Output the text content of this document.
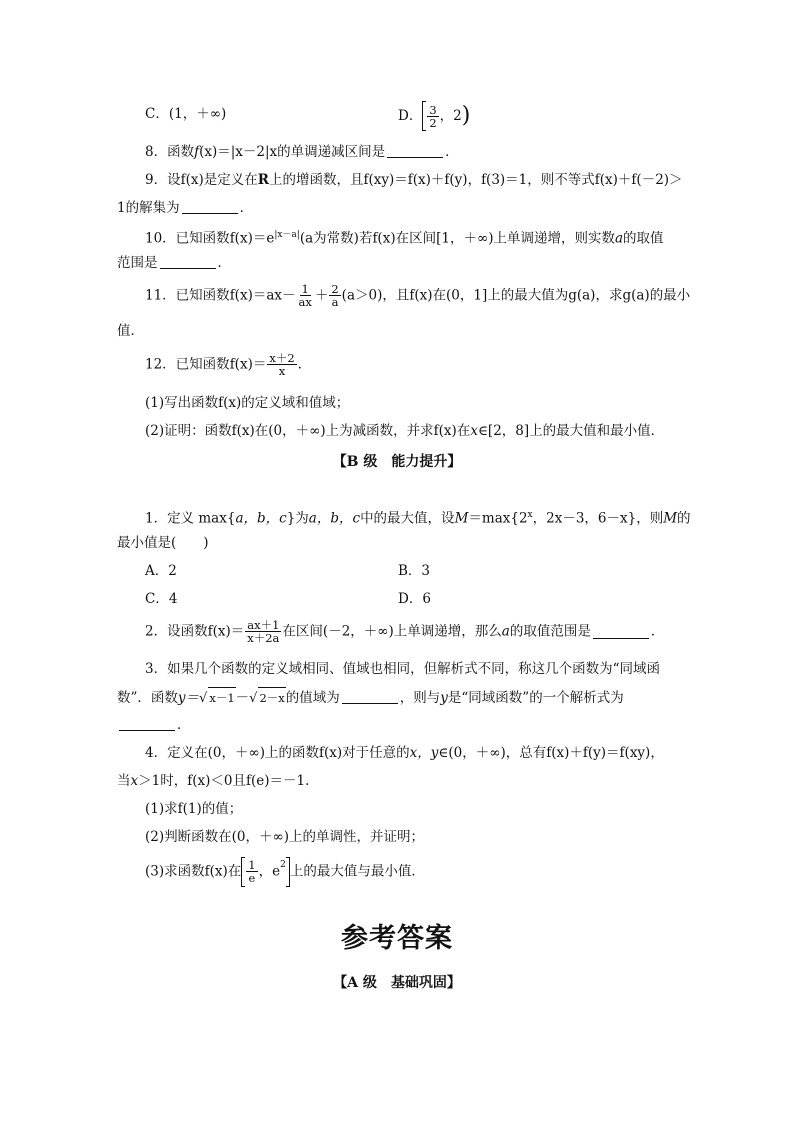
C．(1，＋∞)	D． $\frac{3}{2}$ ，2)
8．函数f(x)＝|x－2|x的单调递减区间是	．
9．设f(x)是定义在R上的增函数，且f(xy)＝f(x)＋f(y)，f(3)＝1，则不等式f(x)＋f(－2)＞
1的解集为	．
10．已知函数$f(x)=e^{|x-a|}(a$为常数)若f(x)在区间[1，＋∞)上单调递增，则实数a的取值
范围是	．
11．已知函数$f(x)=ax- \frac{1}{ax} + \frac{2}{a} (a>0)$，且f(x)在(0，1]上的最大值为g(a)，求g(a)的最小
值．
12．已知函数$f(x)= \frac{x+2}{x}$ .
(1)写出函数f(x)的定义域和值域；
(2)证明：函数f(x)在(0，＋∞)上为减函数，并求f(x)在x∈[2，8]上的最大值和最小值．
【B 级　能力提升】
1．定义 max{a，b，c}为a，b，c中的最大值，设$M=\max\{2^x$，2x－3，6－x}，则M的
最小值是(　　)
A．2	B．3
C．4	D．6
2．设函数$f(x)= \frac{ax+1}{x+2a}$ 在区间(－2，＋∞)上单调递增，那么a的取值范围是	．
3．如果几个函数的定义域相同、值域也相同，但解析式不同，称这几个函数为“同域函
数”．函数y＝√ x－1－√ 2－x的值域为	，则与y是“同域函数”的一个解析式为
．
4．定义在(0，＋∞)上的函数f(x)对于任意的x，y∈(0，＋∞)，总有f(x)＋f(y)＝f(xy)，
当x＞1时，f(x)＜0且f(e)＝－1.
(1)求f(1)的值；
(2)判断函数在(0，＋∞)上的单调性，并证明；
(3)求函数f(x)在 $\frac{1}{e}$ ，$e^2$ 上的最大值与最小值．
参考答案
【A 级　基础巩固】
